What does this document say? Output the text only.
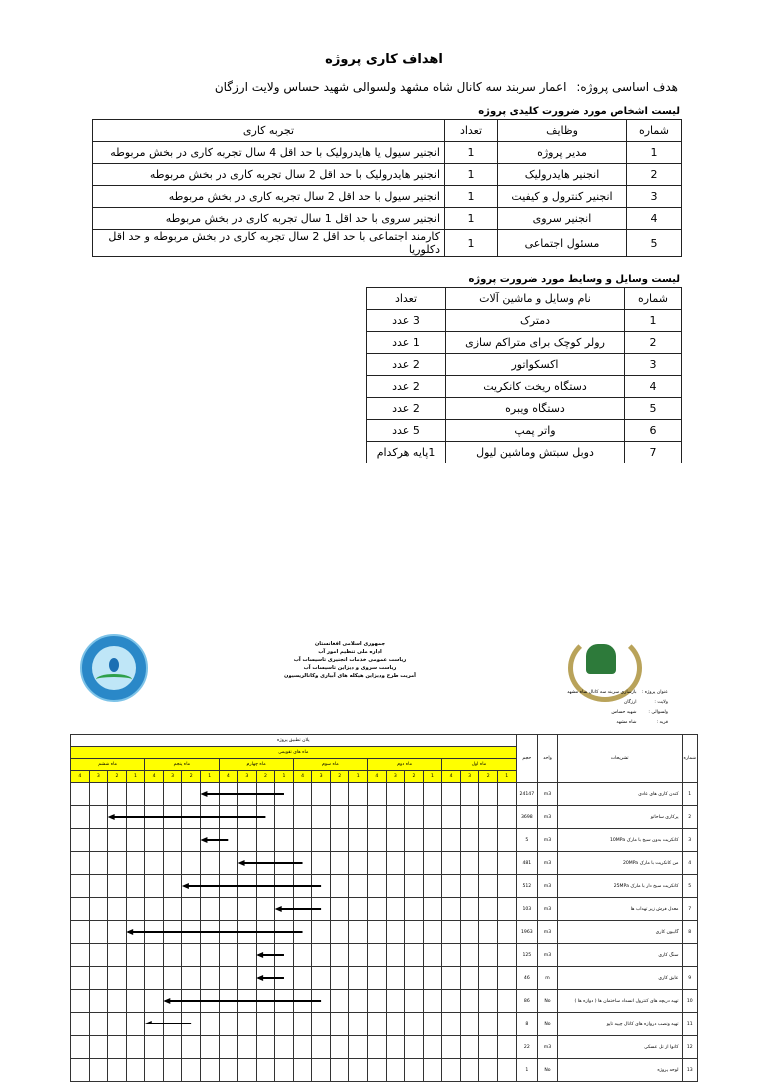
اهداف کاری پروژه
هدف اساسی پروژه: اعمار سربند سه کانال شاه مشهد ولسوالی شهید حساس ولایت ارزگان
لیست اشخاص مورد ضرورت کلیدی پروژه
شماره	وظایف	تعداد	تجربه کاری
1	مدیر پروژه	1	انجنیر سیول یا هایدرولیک با حد اقل 4 سال تجربه کاری در بخش مربوطه
2	انجنیر هایدرولیک	1	انجنیر هایدرولیک با حد اقل 2 سال تجربه کاری در بخش مربوطه
3	انجنیر کنترول و کیفیت	1	انجنیر سیول با حد اقل 2 سال تجربه کاری در بخش مربوطه
4	انجنیر سروی	1	انجنیر سروی با حد اقل 1 سال تجربه کاری در بخش مربوطه
5	مسئول اجتماعی	1	کارمند اجتماعی با حد اقل 2 سال تجربه کاری در بخش مربوطه و حد اقل دکلوریا
لیست وسایل و وسایط مورد ضرورت پروژه
شماره	نام وسایل و ماشین آلات	تعداد
1	دمترک	3 عدد
2	رولر کوچک برای متراکم سازی	1 عدد
3	اکسکواتور	2 عدد
4	دستگاه ریخت کانکریت	2 عدد
5	دستگاه ویبره	2 عدد
6	واتر پمپ	5 عدد
7	دوبل سبتش وماشین لیول	1پایه هرکدام
جمهوری اسلامی افغانستان
اداره ملی تنظیم امور آب
ریاست عمومی خدمات انجنیری تاسیسات آب
ریاست سروی و دیزاین تاسیسات آب
آمریت طرح ودیزاین هیکله های آبیاری وکانالریسیون
عنوان پروژه : بازسازی سربند سه کانال شاه مشهد
ولایت : ارزگان
ولسوالی : شهید حساس
قریه : شاه مشهد
پلان تطبیق پروژه																								حجم	واحد	تشریحات	شماره
ماه های تقویمی																											
ماه ششم				ماه پنجم				ماه چهارم				ماه سوم				ماه دوم				ماه اول							
4	3	2	1	4	3	2	1	4	3	2	1	4	3	2	1	4	3	2	1	4	3	2	1				
																								24147	m3	کندن کاری های عادی	1
																								3698	m3	پرکاری ساحاتو	2
																								5	m3	کانکریت بدون سیخ با مارک 10MPa	3
																								481	m3	من کانکریت با مارک 20MPa	4
																								512	m3	کانکریت سیخ دار با مارک 25MPa	5
																								103	m3	معدل فرش زیر تهداب ها	7
																								1963	m3	گابیون کاری	8
																								125	m3	سنگ کاری	
																								46	m	عایق کاری	9
																								86	No	تهیه دریچه های کنترول انسداد ساختمان ها ( دوازه ها )	10
																								8	No	تهیه ونصب دروازه های کانال چپیه تاپو	11
																								22	m3	کانوا از تل عسکی	12
																								1	No	لوحه پروژه	13
